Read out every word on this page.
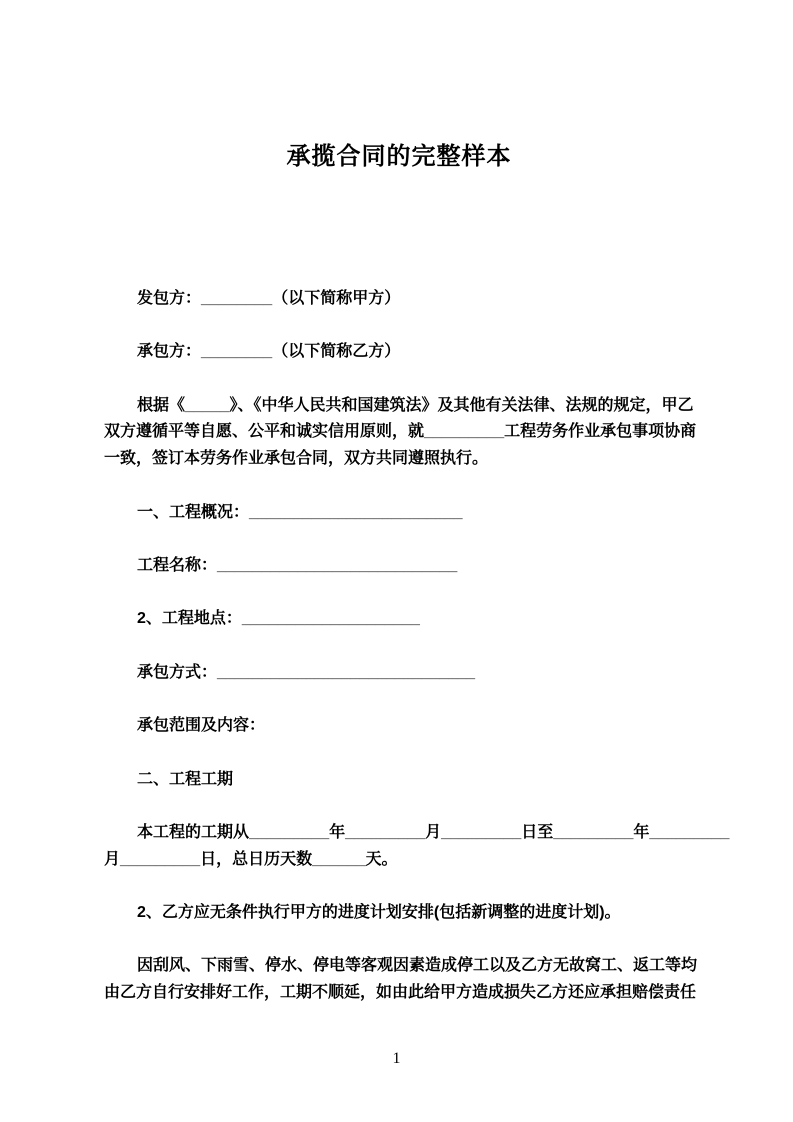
承揽合同的完整样本
发包方：________（以下简称甲方）
承包方：________（以下简称乙方）
根据《_____》、《中华人民共和国建筑法》及其他有关法律、法规的规定，甲乙
双方遵循平等自愿、公平和诚实信用原则，就_________工程劳务作业承包事项协商
一致，签订本劳务作业承包合同，双方共同遵照执行。
一、工程概况：________________________
工程名称：___________________________
2、工程地点：____________________
承包方式：_____________________________
承包范围及内容：
二、工程工期
本工程的工期从_________年_________月_________日至_________年_________
月_________日，总日历天数______天。
2、乙方应无条件执行甲方的进度计划安排(包括新调整的进度计划)。
因刮风、下雨雪、停水、停电等客观因素造成停工以及乙方无故窝工、返工等均
由乙方自行安排好工作，工期不顺延，如由此给甲方造成损失乙方还应承担赔偿责任
1
